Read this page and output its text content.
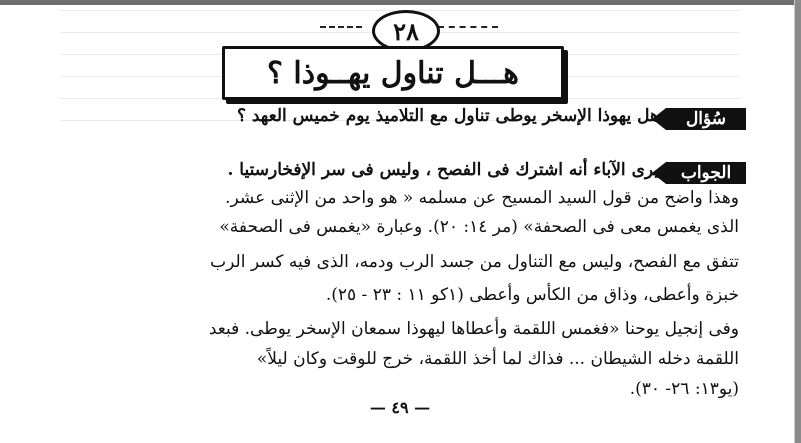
٢٨
هـــل تناول يهــوذا ؟
سُؤال
هل يهوذا الإسخر يوطى تناول مع التلاميذ يوم خميس العهد ؟
الجواب
يرى الآباء أنه اشترك فى الفصح ، وليس فى سر الإفخارستيا .
وهذا واضح من قول السيد المسيح عن مسلمه « هو واحد من الإثنى عشر.
الذى يغمس معى فى الصحفة» (مر ١٤: ٢٠). وعبارة «يغمس فى الصحفة»
تتفق مع الفصح، وليس مع التناول من جسد الرب ودمه، الذى فيه كسر الرب
خبزة وأعطى، وذاق من الكأس وأعطى (١كو ١١ : ٢٣ - ٢٥).
وفى إنجيل يوحنا «فغمس اللقمة وأعطاها ليهوذا سمعان الإسخر يوطى. فبعد
اللقمة دخله الشيطان ... فذاك لما أخذ اللقمة، خرج للوقت وكان ليلاً»
(يو١٣: ٢٦- ٣٠).
— ٤٩ —
